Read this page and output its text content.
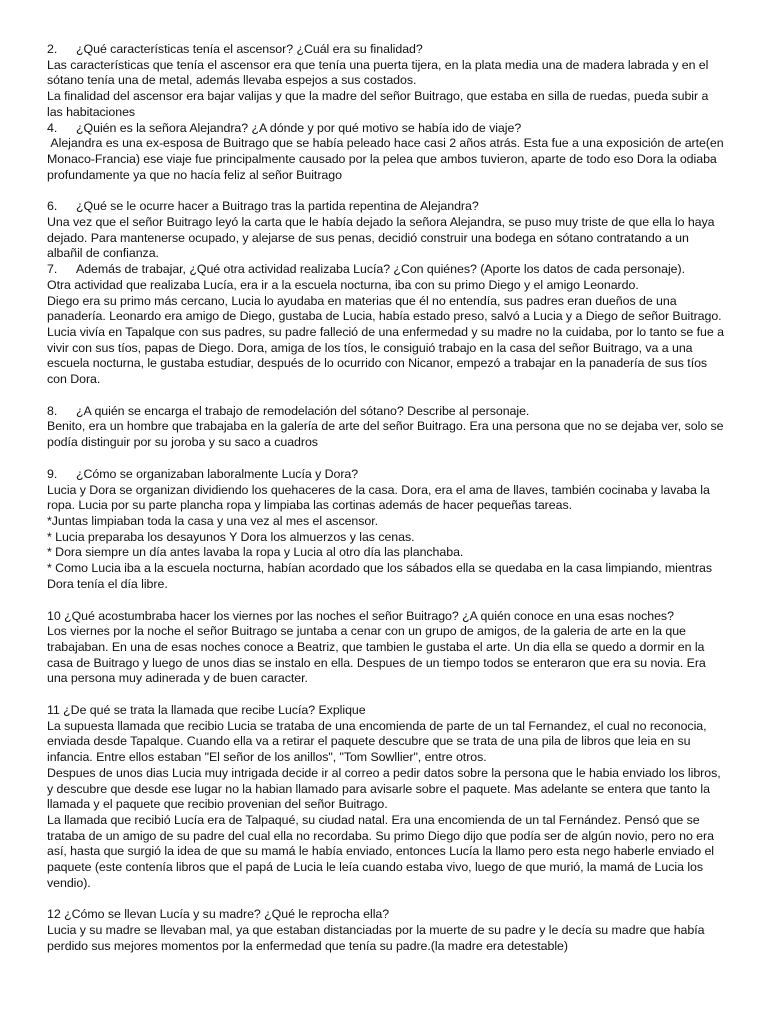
2.	¿Qué características tenía el ascensor? ¿Cuál era su finalidad?

Las características que tenía el ascensor era que tenía una puerta tijera, en la plata media una de madera labrada y en el sótano tenía una de metal, además llevaba espejos a sus costados.

La finalidad del ascensor era bajar valijas y que la madre del señor Buitrago, que estaba en silla de ruedas, pueda subir a las habitaciones

4.	¿Quién es la señora Alejandra? ¿A dónde y por qué motivo se había ido de viaje?

Alejandra es una ex-esposa de Buitrago que se había peleado hace casi 2 años atrás. Esta fue a una exposición de arte(en Monaco-Francia) ese viaje fue principalmente causado por la pelea que ambos tuvieron, aparte de todo eso Dora la odiaba profundamente ya que no hacía feliz al señor Buitrago

6.	¿Qué se le ocurre hacer a Buitrago tras la partida repentina de Alejandra?

Una vez que el señor Buitrago leyó la carta que le había dejado la señora Alejandra, se puso muy triste de que ella lo haya dejado. Para mantenerse ocupado, y alejarse de sus penas, decidió construir una bodega en sótano contratando a un albañil de confianza.

7.	Además de trabajar, ¿Qué otra actividad realizaba Lucía? ¿Con quiénes? (Aporte los datos de cada personaje).

Otra actividad que realizaba Lucía, era ir a la escuela nocturna, iba con su primo Diego y el amigo Leonardo.

Diego era su primo más cercano, Lucia lo ayudaba en materias que él no entendía, sus padres eran dueños de una panadería. Leonardo era amigo de Diego, gustaba de Lucia, había estado preso, salvó a Lucia y a Diego de señor Buitrago. Lucia vivía en Tapalque con sus padres, su padre falleció de una enfermedad y su madre no la cuidaba, por lo tanto se fue a vivir con sus tíos, papas de Diego. Dora, amiga de los tíos, le consiguió trabajo en la casa del señor Buitrago, va a una escuela nocturna, le gustaba estudiar, después de lo ocurrido con Nicanor, empezó a trabajar en la panadería de sus tíos con Dora.

8.	¿A quién se encarga el trabajo de remodelación del sótano? Describe al personaje.

Benito, era un hombre que trabajaba en la galería de arte del señor Buitrago. Era una persona que no se dejaba ver, solo se podía distinguir por su joroba y su saco a cuadros

9.	¿Cómo se organizaban laboralmente Lucía y Dora?

Lucia y Dora se organizan dividiendo los quehaceres de la casa. Dora, era el ama de llaves, también cocinaba y lavaba la ropa. Lucia por su parte plancha ropa y limpiaba las cortinas además de hacer pequeñas tareas.

*Juntas limpiaban toda la casa y una vez al mes el ascensor.

* Lucia preparaba los desayunos Y Dora los almuerzos y las cenas.

* Dora siempre un día antes lavaba la ropa y Lucia al otro día las planchaba.

* Como Lucia iba a la escuela nocturna, habían acordado que los sábados ella se quedaba en la casa limpiando, mientras Dora tenía el día libre.

10 ¿Qué acostumbraba hacer los viernes por las noches el señor Buitrago? ¿A quién conoce en una esas noches?

Los viernes por la noche el señor Buitrago se juntaba a cenar con un grupo de amigos, de la galeria de arte en la que trabajaban. En una de esas noches conoce a Beatriz, que tambien le gustaba el arte. Un dia ella se quedo a dormir en la casa de Buitrago y luego de unos dias se instalo en ella. Despues de un tiempo todos se enteraron que era su novia. Era una persona muy adinerada y de buen caracter.

11 ¿De qué se trata la llamada que recibe Lucía? Explique

La supuesta llamada que recibio Lucia se trataba de una encomienda de parte de un tal Fernandez, el cual no reconocia, enviada desde Tapalque. Cuando ella va a retirar el paquete descubre que se trata de una pila de libros que leia en su infancia. Entre ellos estaban "El señor de los anillos", "Tom Sowllier", entre otros.

Despues de unos dias Lucia muy intrigada decide ir al correo a pedir datos sobre la persona que le habia enviado los libros, y descubre que desde ese lugar no la habian llamado para avisarle sobre el paquete. Mas adelante se entera que tanto la llamada y el paquete que recibio provenian del señor Buitrago.

La llamada que recibió Lucía era de Talpaqué, su ciudad natal. Era una encomienda de un tal Fernández. Pensó que se trataba de un amigo de su padre del cual ella no recordaba. Su primo Diego dijo que podía ser de algún novio, pero no era así, hasta que surgió la idea de que su mamá le había enviado, entonces Lucía la llamo pero esta nego haberle enviado el paquete (este contenía libros que el papá de Lucia le leía cuando estaba vivo, luego de que murió, la mamá de Lucia los vendio).

12 ¿Cómo se llevan Lucía y su madre? ¿Qué le reprocha ella?

Lucia y su madre se llevaban mal, ya que estaban distanciadas por la muerte de su padre y le decía su madre que había perdido sus mejores momentos por la enfermedad que tenía su padre.(la madre era detestable)
